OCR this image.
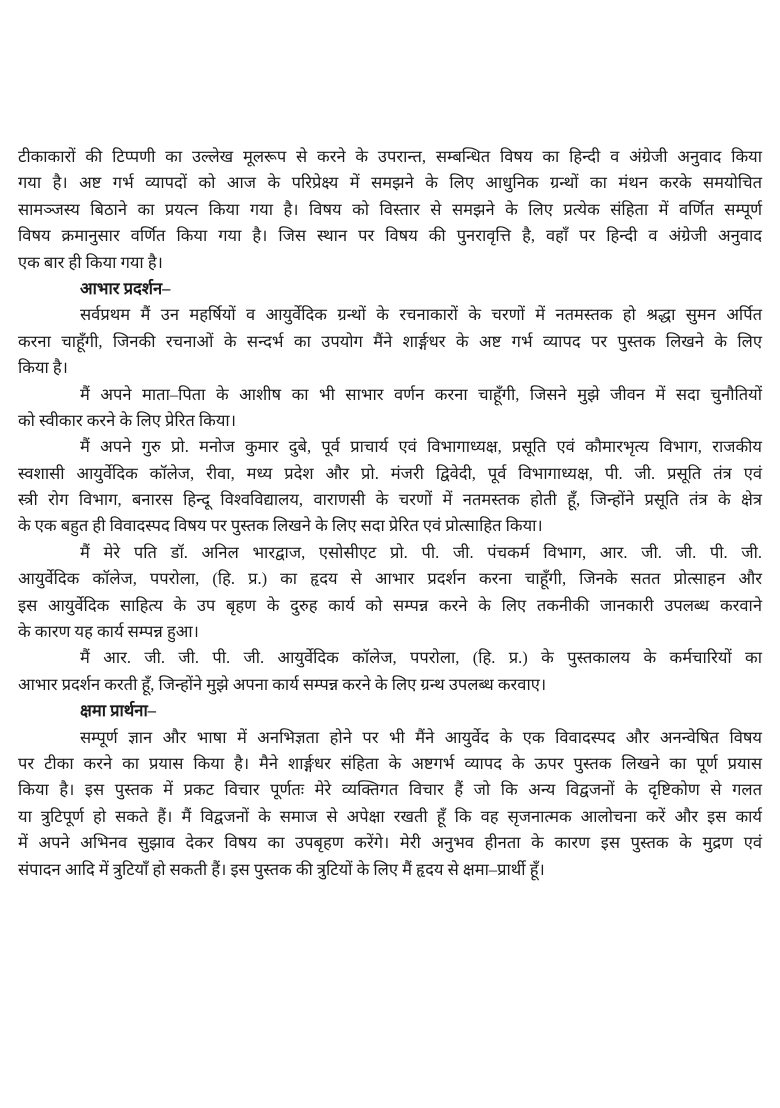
टीकाकारों की टिप्पणी का उल्लेख मूलरूप से करने के उपरान्त, सम्बन्धित विषय का हिन्दी व अंग्रेजी अनुवाद किया
गया है। अष्ट गर्भ व्यापदों को आज के परिप्रेक्ष्य में समझने के लिए आधुनिक ग्रन्थों का मंथन करके समयोचित
सामञ्जस्य बिठाने का प्रयत्न किया गया है। विषय को विस्तार से समझने के लिए प्रत्येक संहिता में वर्णित सम्पूर्ण
विषय क्रमानुसार वर्णित किया गया है। जिस स्थान पर विषय की पुनरावृत्ति है, वहाँ पर हिन्दी व अंग्रेजी अनुवाद
एक बार ही किया गया है।
आभार प्रदर्शन–
सर्वप्रथम मैं उन महर्षियों व आयुर्वेदिक ग्रन्थों के रचनाकारों के चरणों में नतमस्तक हो श्रद्धा सुमन अर्पित
करना चाहूँगी, जिनकी रचनाओं के सन्दर्भ का उपयोग मैंने शार्ङ्गधर के अष्ट गर्भ व्यापद पर पुस्तक लिखने के लिए
किया है।
मैं अपने माता–पिता के आशीष का भी साभार वर्णन करना चाहूँगी, जिसने मुझे जीवन में सदा चुनौतियों
को स्वीकार करने के लिए प्रेरित किया।
मैं अपने गुरु प्रो. मनोज कुमार दुबे, पूर्व प्राचार्य एवं विभागाध्यक्ष, प्रसूति एवं कौमारभृत्य विभाग, राजकीय
स्वशासी आयुर्वेदिक कॉलेज, रीवा, मध्य प्रदेश और प्रो. मंजरी द्विवेदी, पूर्व विभागाध्यक्ष, पी. जी. प्रसूति तंत्र एवं
स्त्री रोग विभाग, बनारस हिन्दू विश्वविद्यालय, वाराणसी के चरणों में नतमस्तक होती हूँ, जिन्होंने प्रसूति तंत्र के क्षेत्र
के एक बहुत ही विवादस्पद विषय पर पुस्तक लिखने के लिए सदा प्रेरित एवं प्रोत्साहित किया।
मैं मेरे पति डॉ. अनिल भारद्वाज, एसोसीएट प्रो. पी. जी. पंचकर्म विभाग, आर. जी. जी. पी. जी.
आयुर्वेदिक कॉलेज, पपरोला, (हि. प्र.) का हृदय से आभार प्रदर्शन करना चाहूँगी, जिनके सतत प्रोत्साहन और
इस आयुर्वेदिक साहित्य के उप बृहण के दुरुह कार्य को सम्पन्न करने के लिए तकनीकी जानकारी उपलब्ध करवाने
के कारण यह कार्य सम्पन्न हुआ।
मैं आर. जी. जी. पी. जी. आयुर्वेदिक कॉलेज, पपरोला, (हि. प्र.) के पुस्तकालय के कर्मचारियों का
आभार प्रदर्शन करती हूँ, जिन्होंने मुझे अपना कार्य सम्पन्न करने के लिए ग्रन्थ उपलब्ध करवाए।
क्षमा प्रार्थना–
सम्पूर्ण ज्ञान और भाषा में अनभिज्ञता होने पर भी मैंने आयुर्वेद के एक विवादस्पद और अनन्वेषित विषय
पर टीका करने का प्रयास किया है। मैने शार्ङ्गधर संहिता के अष्टगर्भ व्यापद के ऊपर पुस्तक लिखने का पूर्ण प्रयास
किया है। इस पुस्तक में प्रकट विचार पूर्णतः मेरे व्यक्तिगत विचार हैं जो कि अन्य विद्वजनों के दृष्टिकोण से गलत
या त्रुटिपूर्ण हो सकते हैं। मैं विद्वजनों के समाज से अपेक्षा रखती हूँ कि वह सृजनात्मक आलोचना करें और इस कार्य
में अपने अभिनव सुझाव देकर विषय का उपबृहण करेंगे। मेरी अनुभव हीनता के कारण इस पुस्तक के मुद्रण एवं
संपादन आदि में त्रुटियाँ हो सकती हैं। इस पुस्तक की त्रुटियों के लिए मैं हृदय से क्षमा–प्रार्थी हूँ।
